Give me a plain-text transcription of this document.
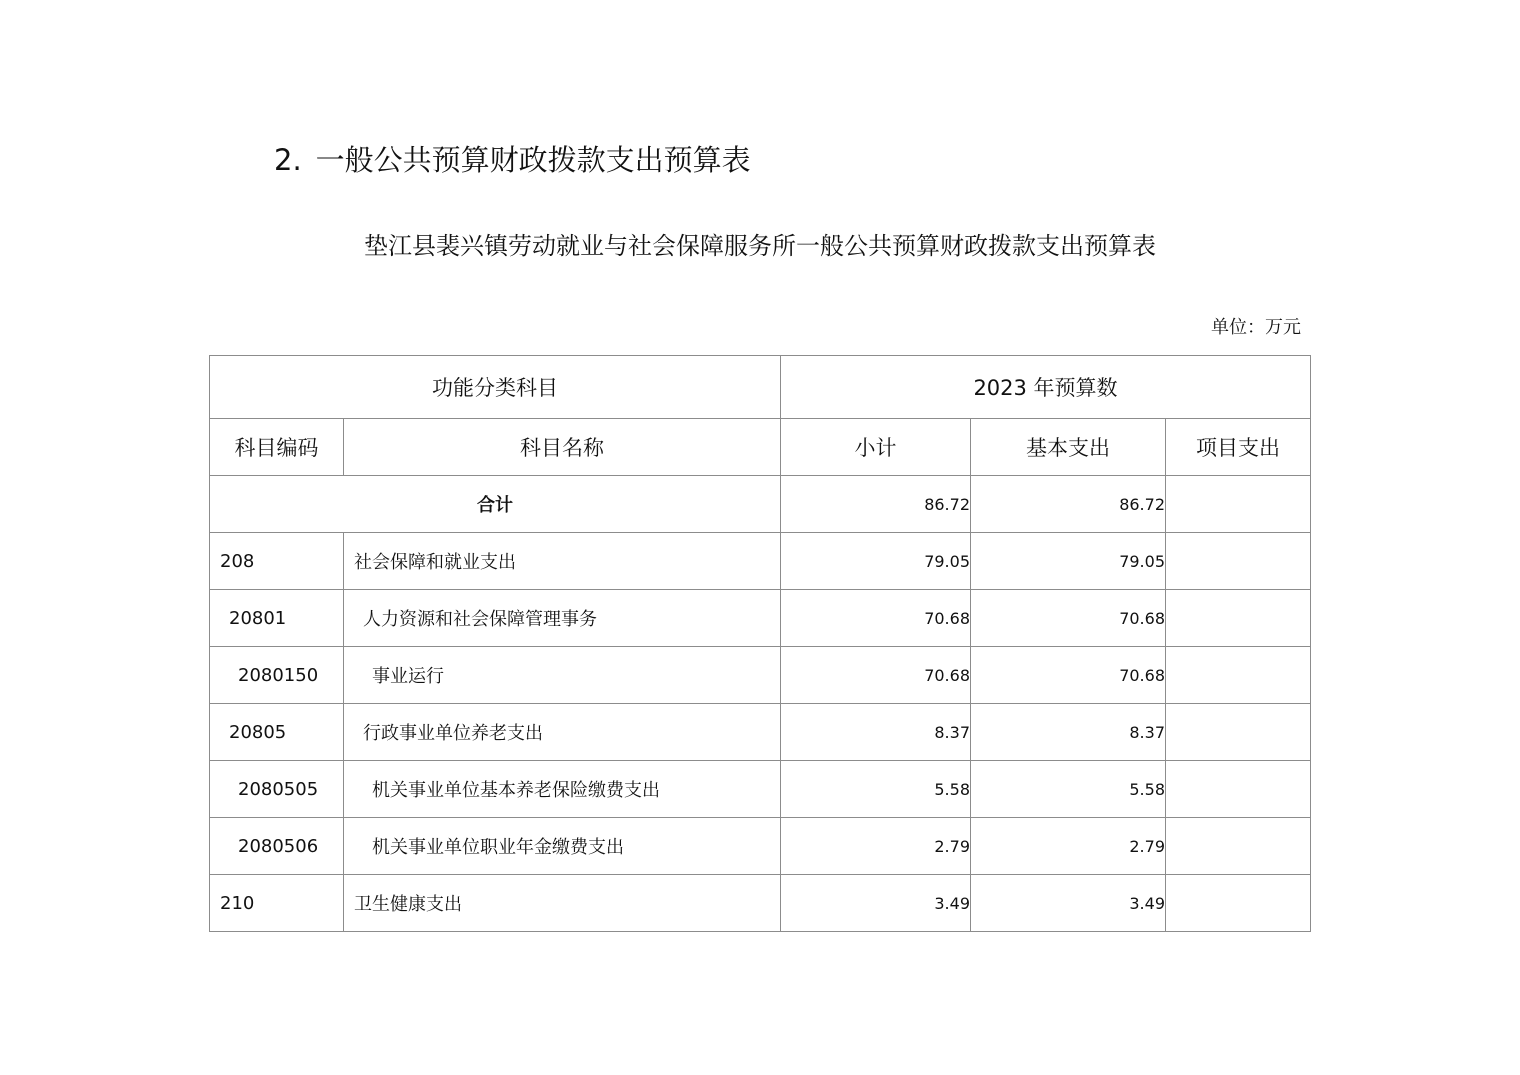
2. 一般公共预算财政拨款支出预算表
垫江县裴兴镇劳动就业与社会保障服务所一般公共预算财政拨款支出预算表
单位：万元
功能分类科目		2023 年预算数		
科目编码	科目名称	小计	基本支出	项目支出
合计		86.72	86.72	
208	社会保障和就业支出	79.05	79.05	
20801	人力资源和社会保障管理事务	70.68	70.68	
2080150	事业运行	70.68	70.68	
20805	行政事业单位养老支出	8.37	8.37	
2080505	机关事业单位基本养老保险缴费支出	5.58	5.58	
2080506	机关事业单位职业年金缴费支出	2.79	2.79	
210	卫生健康支出	3.49	3.49	
